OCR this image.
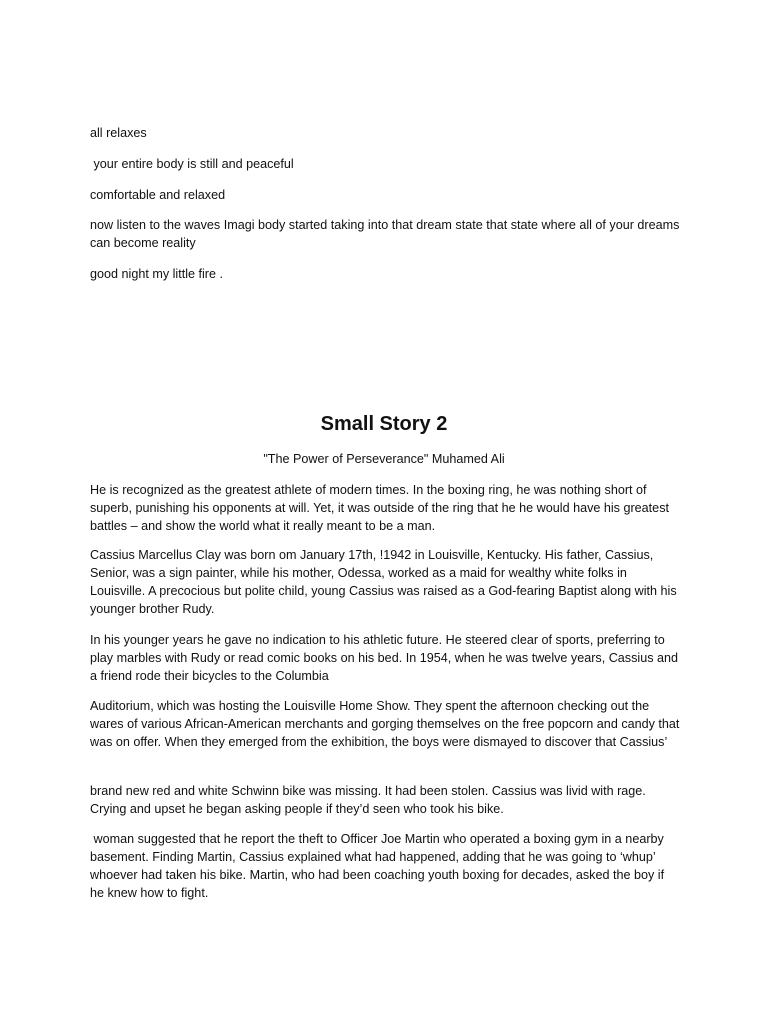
all relaxes

your entire body is still and peaceful

comfortable and relaxed

now listen to the waves Imagi body started taking into that dream state that state where all of your dreams can become reality

good night my little fire .

Small Story 2

"The Power of Perseverance" Muhamed Ali

He is recognized as the greatest athlete of modern times. In the boxing ring, he was nothing short of superb, punishing his opponents at will. Yet, it was outside of the ring that he he would have his greatest battles – and show the world what it really meant to be a man.

Cassius Marcellus Clay was born om January 17th, !1942 in Louisville, Kentucky. His father, Cassius, Senior, was a sign painter, while his mother, Odessa, worked as a maid for wealthy white folks in Louisville. A precocious but polite child, young Cassius was raised as a God-fearing Baptist along with his younger brother Rudy.

In his younger years he gave no indication to his athletic future. He steered clear of sports, preferring to play marbles with Rudy or read comic books on his bed. In 1954, when he was twelve years, Cassius and a friend rode their bicycles to the Columbia

Auditorium, which was hosting the Louisville Home Show. They spent the afternoon checking out the wares of various African-American merchants and gorging themselves on the free popcorn and candy that was on offer. When they emerged from the exhibition, the boys were dismayed to discover that Cassius’

brand new red and white Schwinn bike was missing. It had been stolen. Cassius was livid with rage. Crying and upset he began asking people if they’d seen who took his bike.

woman suggested that he report the theft to Officer Joe Martin who operated a boxing gym in a nearby basement. Finding Martin, Cassius explained what had happened, adding that he was going to ‘whup’ whoever had taken his bike. Martin, who had been coaching youth boxing for decades, asked the boy if he knew how to fight.
